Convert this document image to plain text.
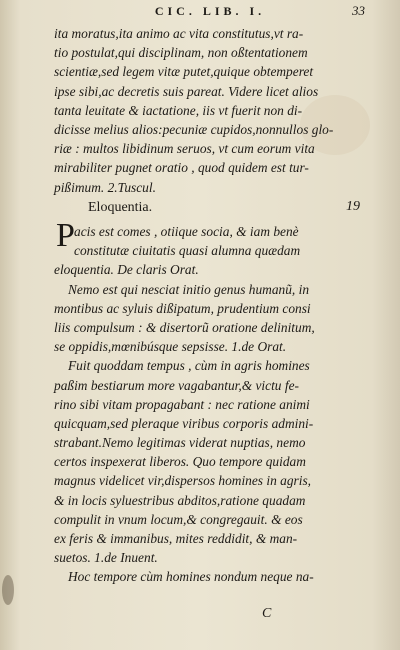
CIC. LIB. I.	33
ita moratus,ita animo ac vita constitutus,vt ra-
tio postulat,qui disciplinam, non oßtentationem
scientiæ,sed legem vitæ putet,quique obtemperet
ipse sibi,ac decretis suis pareat. Videre licet alios
tanta leuitate & iactatione, iis vt fuerit non di-
dicisse melius alios:pecuniæ cupidos,nonnullos glo-
riæ : multos libidinum seruos, vt cum eorum vita
mirabiliter pugnet oratio , quod quidem est tur-
pißimum. 2.Tuscul.
Eloquentia.	19
P acis est comes , otiique socia, & iam benè
constitutæ ciuitatis quasi alumna quædam
eloquentia. De claris Orat.
Nemo est qui nesciat initio genus humanũ, in
montibus ac syluis dißipatum, prudentium consi
liis compulsum : & disertorũ oratione delinitum,
se oppidis,mœnibúsque sepsisse. 1.de Orat.
Fuit quoddam tempus , cùm in agris homines
paßim bestiarum more vagabantur,& victu fe-
rino sibi vitam propagabant : nec ratione animi
quicquam,sed pleraque viribus corporis admini-
strabant.Nemo legitimas viderat nuptias, nemo
certos inspexerat liberos. Quo tempore quidam
magnus videlicet vir,dispersos homines in agris,
& in locis syluestribus abditos,ratione quadam
compulit in vnum locum,& congregauit. & eos
ex feris & immanibus, mites reddidit, & man-
suetos. 1.de Inuent.
Hoc tempore cùm homines nondum neque na-
C
